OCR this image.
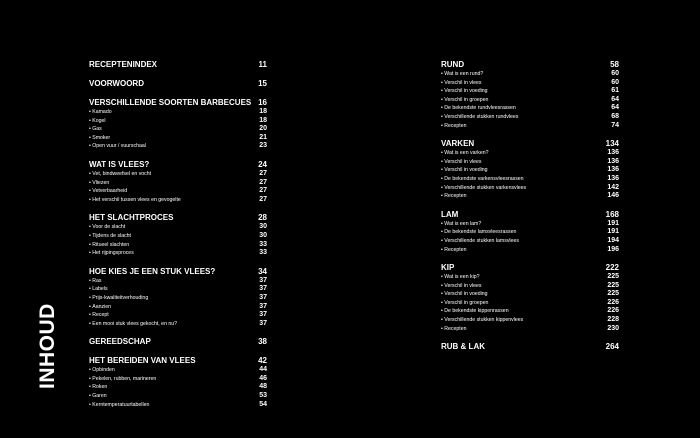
INHOUD
RECEPTENINDEX	11
VOORWOORD	15
VERSCHILLENDE SOORTEN BARBECUES 16
• Kamado	18
• Kogel	18
• Gas	20
• Smoker	21
• Open vuur / vuurschaal	23
WAT IS VLEES?	24
• Vet, bindweefsel en vocht	27
• Vliezen	27
• Vetverbaarheid	27
• Het verschil tussen vlees en gevogelte	27
HET SLACHTPROCES	28
• Voor de slacht	30
• Tijdens de slacht	30
• Ritueel slachten	33
• Het rijpingsproces	33
HOE KIES JE EEN STUK VLEES?	34
• Ras	37
• Labels	37
• Prijs-kwaliteitverhouding	37
• Aanzien	37
• Recept	37
• Een mooi stuk vlees gekocht, en nu?	37
GEREEDSCHAP	38
HET BEREIDEN VAN VLEES	42
• Opbinden	44
• Pekelen, rubben, marineren	46
• Roken	48
• Garen	53
• Kerntemperatuurtabellen	54
RUND	58
• Wat is een rund?	60
• Verschil in vlees	60
• Verschil in voeding	61
• Verschil in groepen	64
• De bekendste rundvleesrassen	64
• Verschillende stukken rundvlees	68
• Recepten	74
VARKEN	134
• Wat is een varken?	136
• Verschil in vlees	136
• Verschil in voeding	136
• De bekendste varkensvleesrassen	136
• Verschillende stukken varkensvlees	142
• Recepten	146
LAM	168
• Wat is een lam?	191
• De bekendste lamsvleesrassen	191
• Verschillende stukken lamsvlees	194
• Recepten	196
KIP	222
• Wat is een kip?	225
• Verschil in vlees	225
• Verschil in voeding	225
• Verschil in groepen	226
• De bekendste kippenrassen	226
• Verschillende stukken kippenvlees	228
• Recepten	230
RUB & LAK	264
